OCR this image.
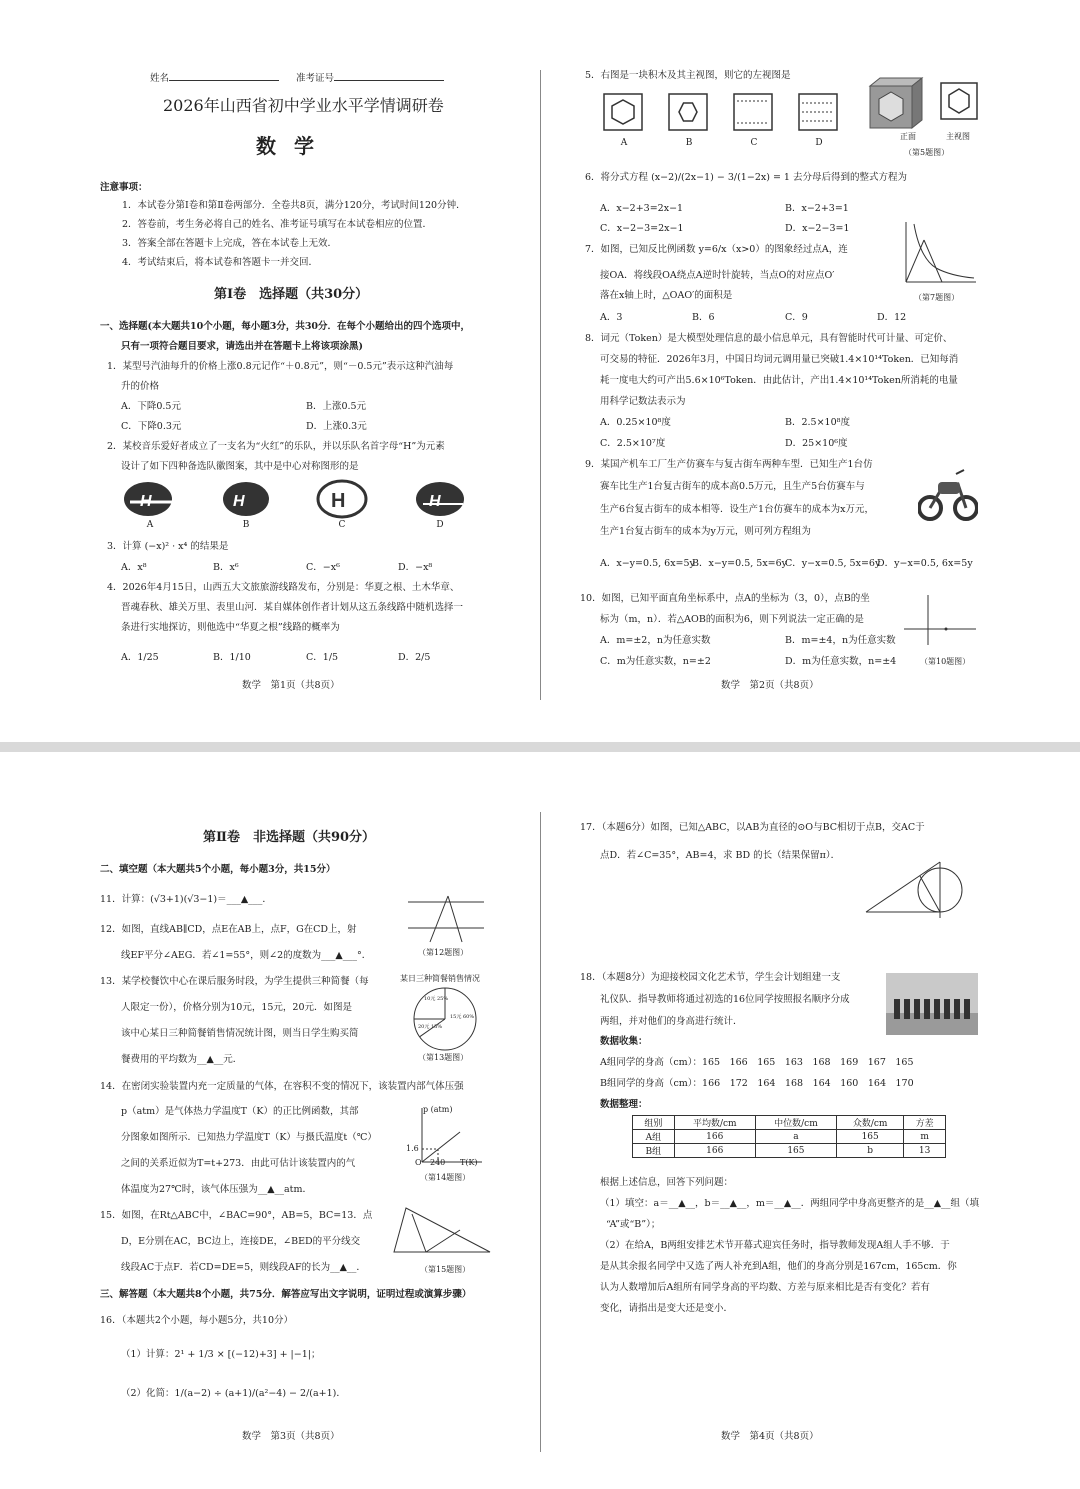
姓名	准考证号
2026年山西省初中学业水平学情调研卷
数学
注意事项：
1．本试卷分第Ⅰ卷和第Ⅱ卷两部分．全卷共8页，满分120分，考试时间120分钟．
2．答卷前，考生务必将自己的姓名、准考证号填写在本试卷相应的位置．
3．答案全部在答题卡上完成，答在本试卷上无效．
4．考试结束后，将本试卷和答题卡一并交回．
第Ⅰ卷　选择题（共30分）
一、选择题(本大题共10个小题，每小题3分，共30分．在每个小题给出的四个选项中，
只有一项符合题目要求，请选出并在答题卡上将该项涂黑)
1．某型号汽油每升的价格上涨0.8元记作“＋0.8元”，则“－0.5元”表示这种汽油每
升的价格
A．下降0.5元	B．上涨0.5元
C．下降0.3元	D．上涨0.3元
2．某校音乐爱好者成立了一支名为“火红”的乐队，并以乐队名首字母“H”为元素
设计了如下四种备选队徽图案，其中是中心对称图形的是
H	H	H	H
A	B	C	D
3．计算 (−x)² · x⁴ 的结果是
A．x⁸	B．x⁶	C．−x⁶	D．−x⁸
4．2026年4月15日，山西五大文旅旅游线路发布，分别是：华夏之根、土木华章、
晋魂春秋、雄关万里、表里山河．某自媒体创作者计划从这五条线路中随机选择一
条进行实地探访，则他选中“华夏之根”线路的概率为
A．1/25	B．1/10	C．1/5	D．2/5
数学　第1页（共8页）
5．右图是一块积木及其主视图，则它的左视图是
A	B	C	D
正面	主视图
（第5题图）
6．将分式方程 (x−2)/(2x−1) − 3/(1−2x) = 1 去分母后得到的整式方程为
A．x−2+3=2x−1	B．x−2+3=1
C．x−2−3=2x−1	D．x−2−3=1
7．如图，已知反比例函数 y=6/x（x>0）的图象经过点A，连
接OA．将线段OA绕点A逆时针旋转，当点O的对应点O′
落在x轴上时，△OAO′的面积是
A．3	B．6	C．9	D．12
（第7题图）
8．词元（Token）是大模型处理信息的最小信息单元，具有智能时代可计量、可定价、
可交易的特征．2026年3月，中国日均词元调用量已突破1.4×10¹⁴Token．已知每消
耗一度电大约可产出5.6×10⁶Token．由此估计，产出1.4×10¹⁴Token所消耗的电量
用科学记数法表示为
A．0.25×10⁸度	B．2.5×10⁸度
C．2.5×10⁷度	D．25×10⁶度
9．某国产机车工厂生产仿赛车与复古街车两种车型．已知生产1台仿
赛车比生产1台复古街车的成本高0.5万元，且生产5台仿赛车与
生产6台复古街车的成本相等．设生产1台仿赛车的成本为x万元，
生产1台复古街车的成本为y万元，则可列方程组为
A．x−y=0.5, 6x=5y
B．x−y=0.5, 5x=6y
C．y−x=0.5, 5x=6y
D．y−x=0.5, 6x=5y
10．如图，已知平面直角坐标系中，点A的坐标为（3，0），点B的坐
标为（m，n）．若△AOB的面积为6，则下列说法一定正确的是
A．m=±2，n为任意实数	B．m=±4，n为任意实数
C．m为任意实数，n=±2	D．m为任意实数，n=±4	（第10题图）
数学　第2页（共8页）
第Ⅱ卷　非选择题（共90分）
二、填空题（本大题共5个小题，每小题3分，共15分）
11．计算：(√3+1)(√3−1)＝___▲___．
12．如图，直线AB∥CD，点E在AB上，点F，G在CD上，射
线EF平分∠AEG．若∠1=55°，则∠2的度数为___▲___°．	（第12题图）
13．某学校餐饮中心在课后服务时段，为学生提供三种简餐（每
人限定一份），价格分别为10元，15元，20元．如图是
该中心某日三种简餐销售情况统计图，则当日学生购买简
餐费用的平均数为__▲__元．
某日三种简餐销售情况
10元 25%
15元 60%
20元 15%
（第13题图）
14．在密闭实验装置内充一定质量的气体，在容积不变的情况下，该装置内部气体压强
p（atm）是气体热力学温度T（K）的正比例函数，其部
分图象如图所示．已知热力学温度T（K）与摄氏温度t（℃）
之间的关系近似为T=t+273．由此可估计该装置内的气
体温度为27℃时，该气体压强为__▲__atm．
p (atm)
T(K)
1.6
240
O
（第14题图）
15．如图，在Rt△ABC中，∠BAC=90°，AB=5，BC=13．点
D，E分别在AC，BC边上，连接DE，∠BED的平分线交
线段AC于点F．若CD=DE=5，则线段AF的长为__▲__．	（第15题图）
三、解答题（本大题共8个小题，共75分．解答应写出文字说明，证明过程或演算步骤）
16．（本题共2个小题，每小题5分，共10分）
（1）计算：2¹ + 1/3 × [(−12)+3] + |−1|；
（2）化简：1/(a−2) ÷ (a+1)/(a²−4) − 2/(a+1)．
数学　第3页（共8页）
17．（本题6分）如图，已知△ABC，以AB为直径的⊙O与BC相切于点B，交AC于
点D．若∠C=35°，AB=4，求 BD 的长（结果保留π）．
18．（本题8分）为迎接校园文化艺术节，学生会计划组建一支
礼仪队．指导教师将通过初选的16位同学按照报名顺序分成
两组，并对他们的身高进行统计．
数据收集：
A组同学的身高（cm）：165　166　165　163　168　169　167　165
B组同学的身高（cm）：166　172　164　168　164　160　164　170
数据整理：
组别	平均数/cm	中位数/cm	众数/cm	方差
A组	166	a	165	m
B组	166	165	b	13
根据上述信息，回答下列问题：
（1）填空：a＝__▲__，b＝__▲__，m＝__▲__．两组同学中身高更整齐的是__▲__组（填
“A”或“B”）；
（2）在给A，B两组安排艺术节开幕式迎宾任务时，指导教师发现A组人手不够．于
是从其余报名同学中又选了两人补充到A组，他们的身高分别是167cm，165cm．你
认为人数增加后A组所有同学身高的平均数、方差与原来相比是否有变化？若有
变化，请指出是变大还是变小．
数学　第4页（共8页）
